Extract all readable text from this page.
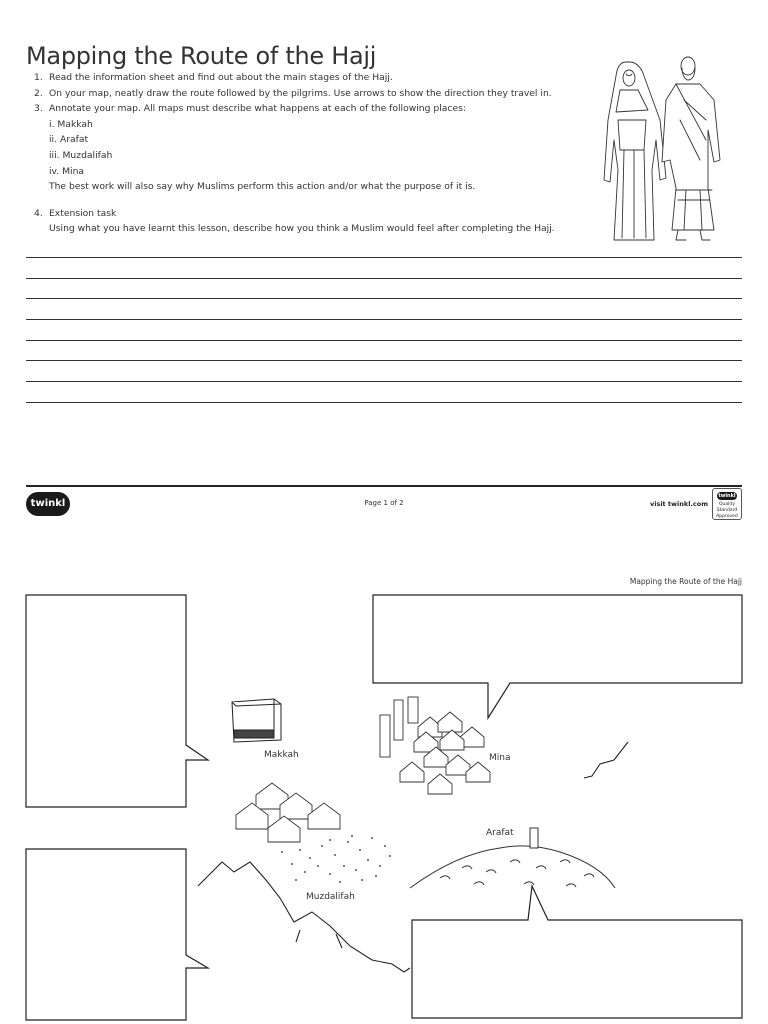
Mapping the Route of the Hajj
1. Read the information sheet and find out about the main stages of the Hajj.
2. On your map, neatly draw the route followed by the pilgrims. Use arrows to show the direction they travel in.
3. Annotate your map. All maps must describe what happens at each of the following places:
i. Makkah
ii. Arafat
iii. Muzdalifah
iv. Mina
The best work will also say why Muslims perform this action and/or what the purpose of it is.
4. Extension task
Using what you have learnt this lesson, describe how you think a Muslim would feel after completing the Hajj.
twinkl	Page 1 of 2	visit twinkl.com
twinkl
Quality Standard Approved
Mapping the Route of the Hajj
Makkah	Mina
Muzdalifah
Arafat
